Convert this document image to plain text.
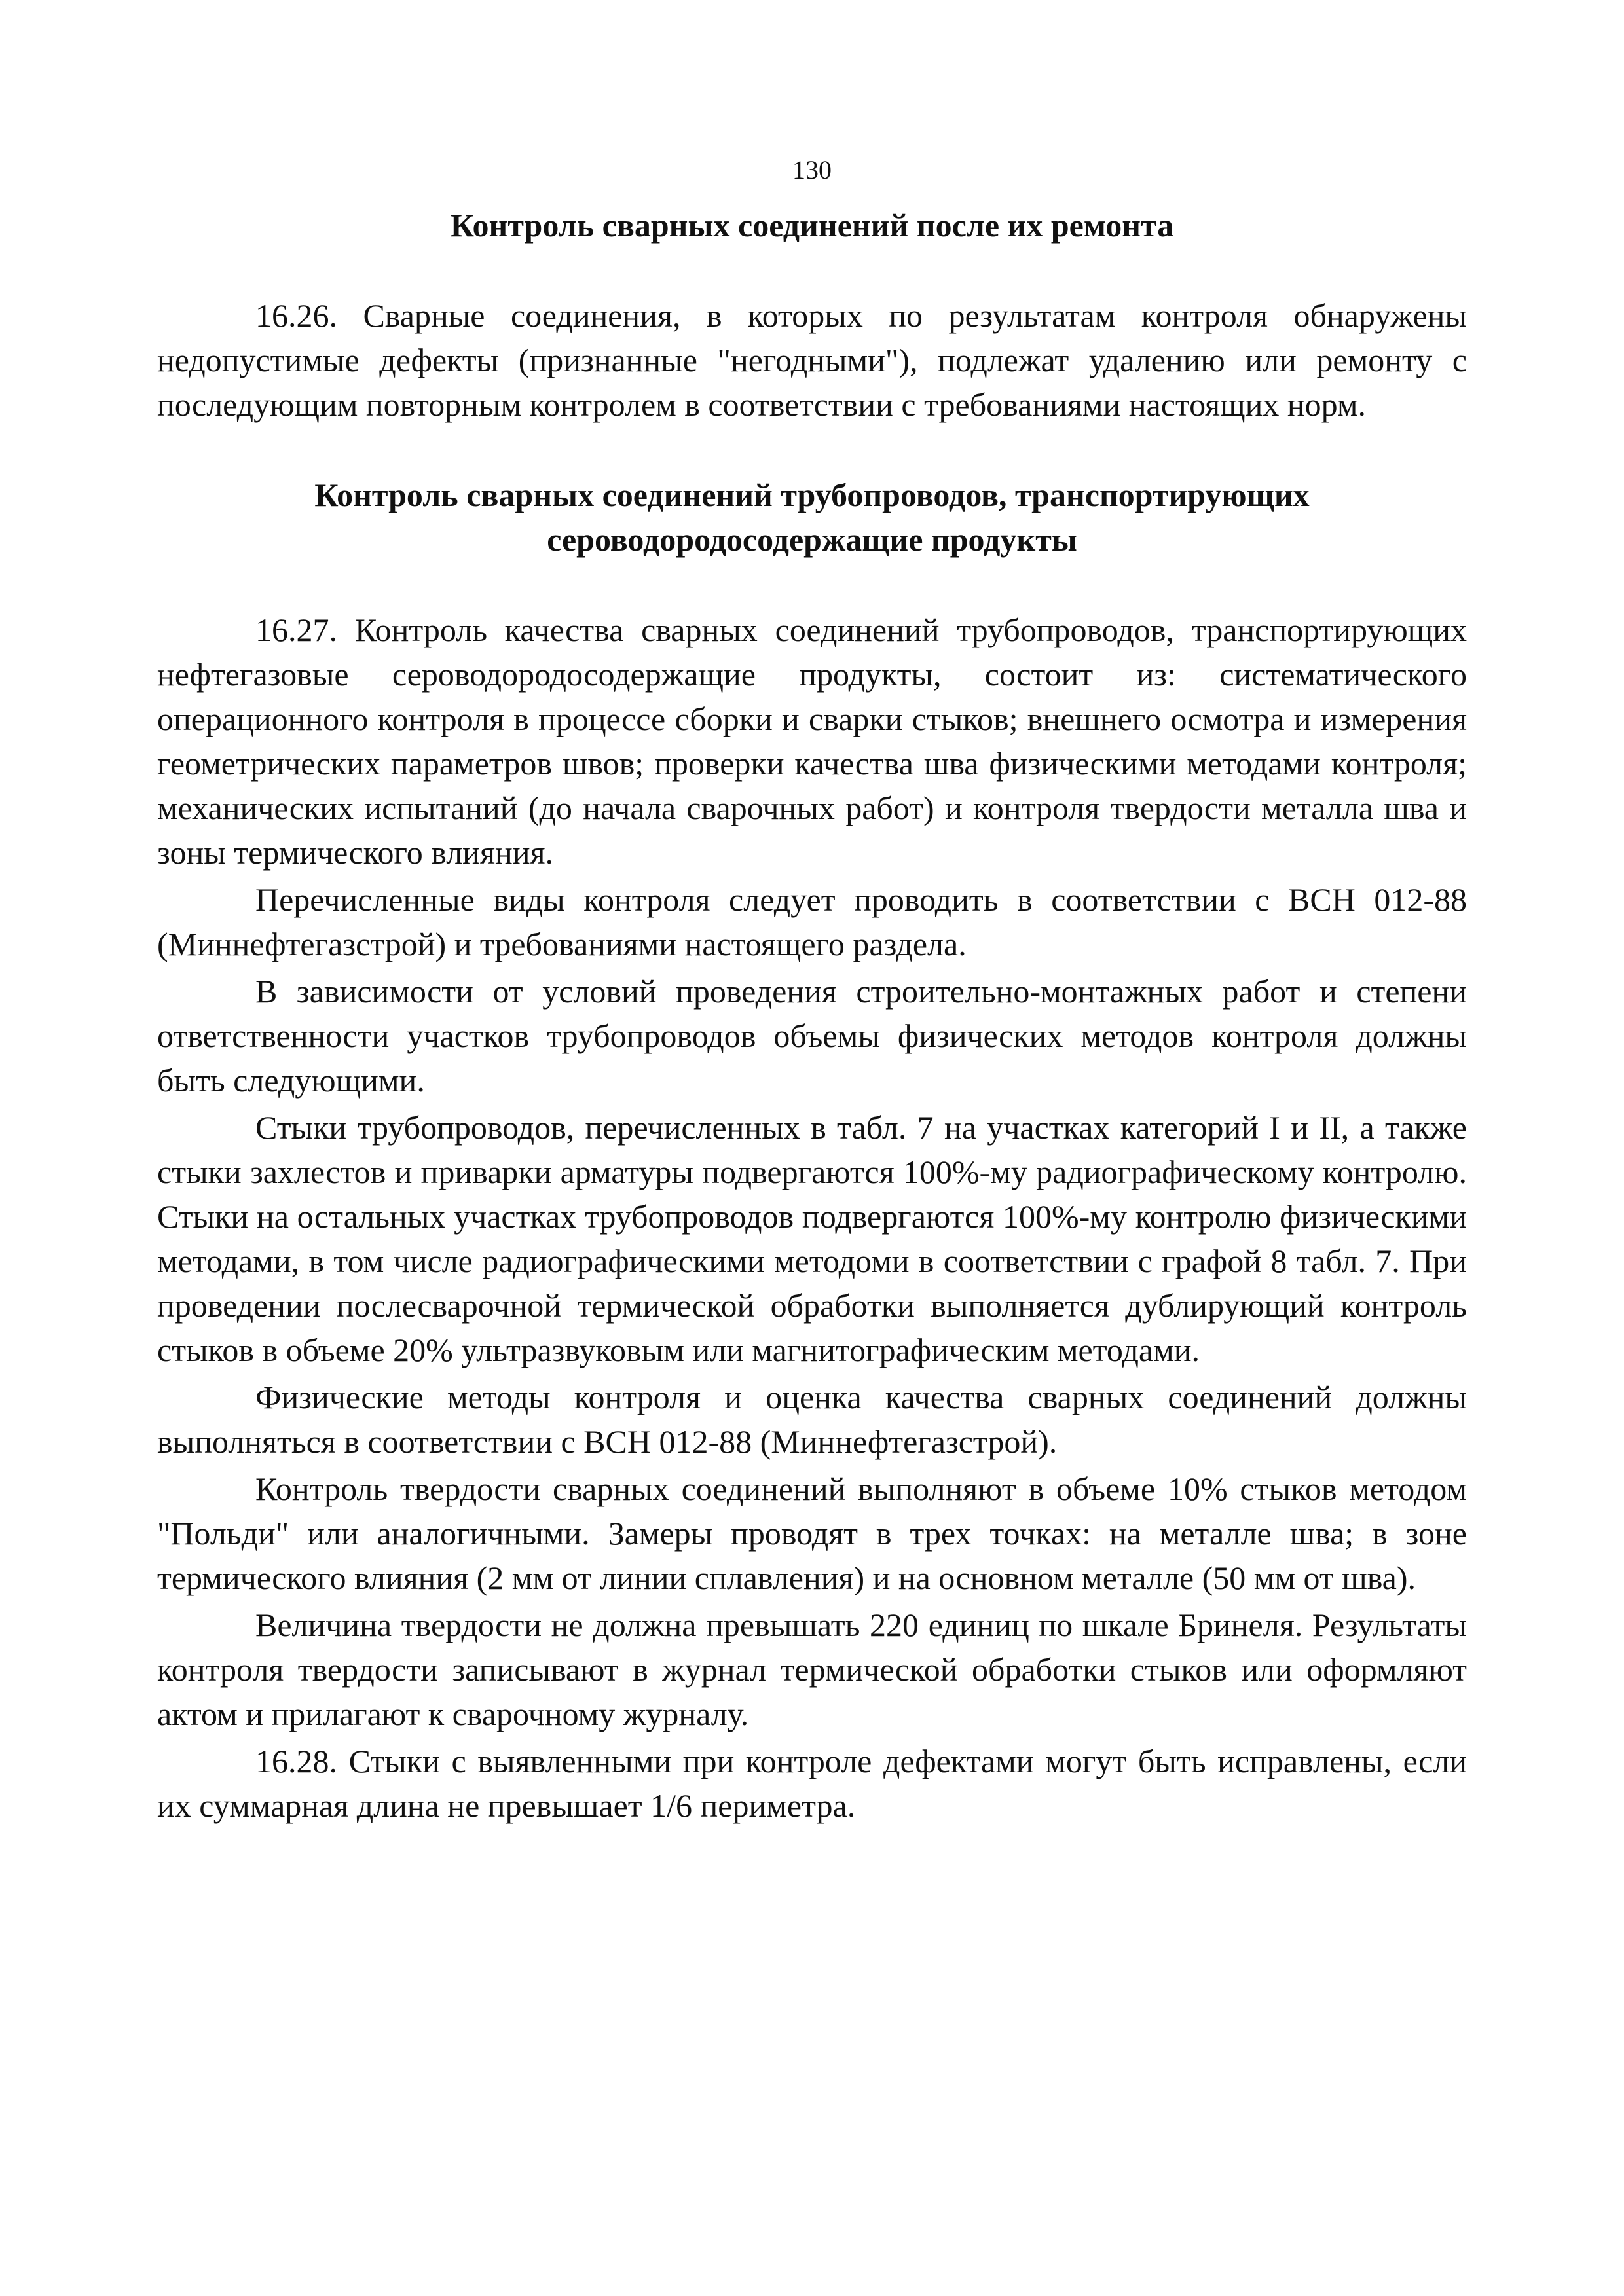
130
Контроль сварных соединений после их ремонта

16.26. Сварные соединения, в которых по результатам контроля обнаружены недопустимые дефекты (признанные "негодными"), подлежат удалению или ремонту с последующим повторным контролем в соответствии с требованиями настоящих норм.

Контроль сварных соединений трубопроводов, транспортирующих
сероводородосодержащие продукты

16.27. Контроль качества сварных соединений трубопроводов, транспортирующих нефтегазовые сероводородосодержащие продукты, состоит из: систематического операционного контроля в процессе сборки и сварки стыков; внешнего осмотра и измерения геометрических параметров швов; проверки качества шва физическими методами контроля; механических испытаний (до начала сварочных работ) и контроля твердости металла шва и зоны термического влияния.

Перечисленные виды контроля следует проводить в соответствии с ВСН 012-88 (Миннефтегазстрой) и требованиями настоящего раздела.

В зависимости от условий проведения строительно-монтажных работ и степени ответственности участков трубопроводов объемы физических методов контроля должны быть следующими.

Стыки трубопроводов, перечисленных в табл. 7 на участках категорий I и II, а также стыки захлестов и приварки арматуры подвергаются 100%-му радиографическому контролю. Стыки на остальных участках трубопроводов подвергаются 100%-му контролю физическими методами, в том числе радиографическими методоми в соответствии с графой 8 табл. 7. При проведении послесварочной термической обработки выполняется дублирующий контроль стыков в объеме 20% ультразвуковым или магнитографическим методами.

Физические методы контроля и оценка качества сварных соединений должны выполняться в соответствии с ВСН 012-88 (Миннефтегазстрой).

Контроль твердости сварных соединений выполняют в объеме 10% стыков методом "Польди" или аналогичными. Замеры проводят в трех точках: на металле шва; в зоне термического влияния (2 мм от линии сплавления) и на основном металле (50 мм от шва).

Величина твердости не должна превышать 220 единиц по шкале Бринеля. Результаты контроля твердости записывают в журнал термической обработки стыков или оформляют актом и прилагают к сварочному журналу.

16.28. Стыки с выявленными при контроле дефектами могут быть исправлены, если их суммарная длина не превышает 1/6 периметра.
